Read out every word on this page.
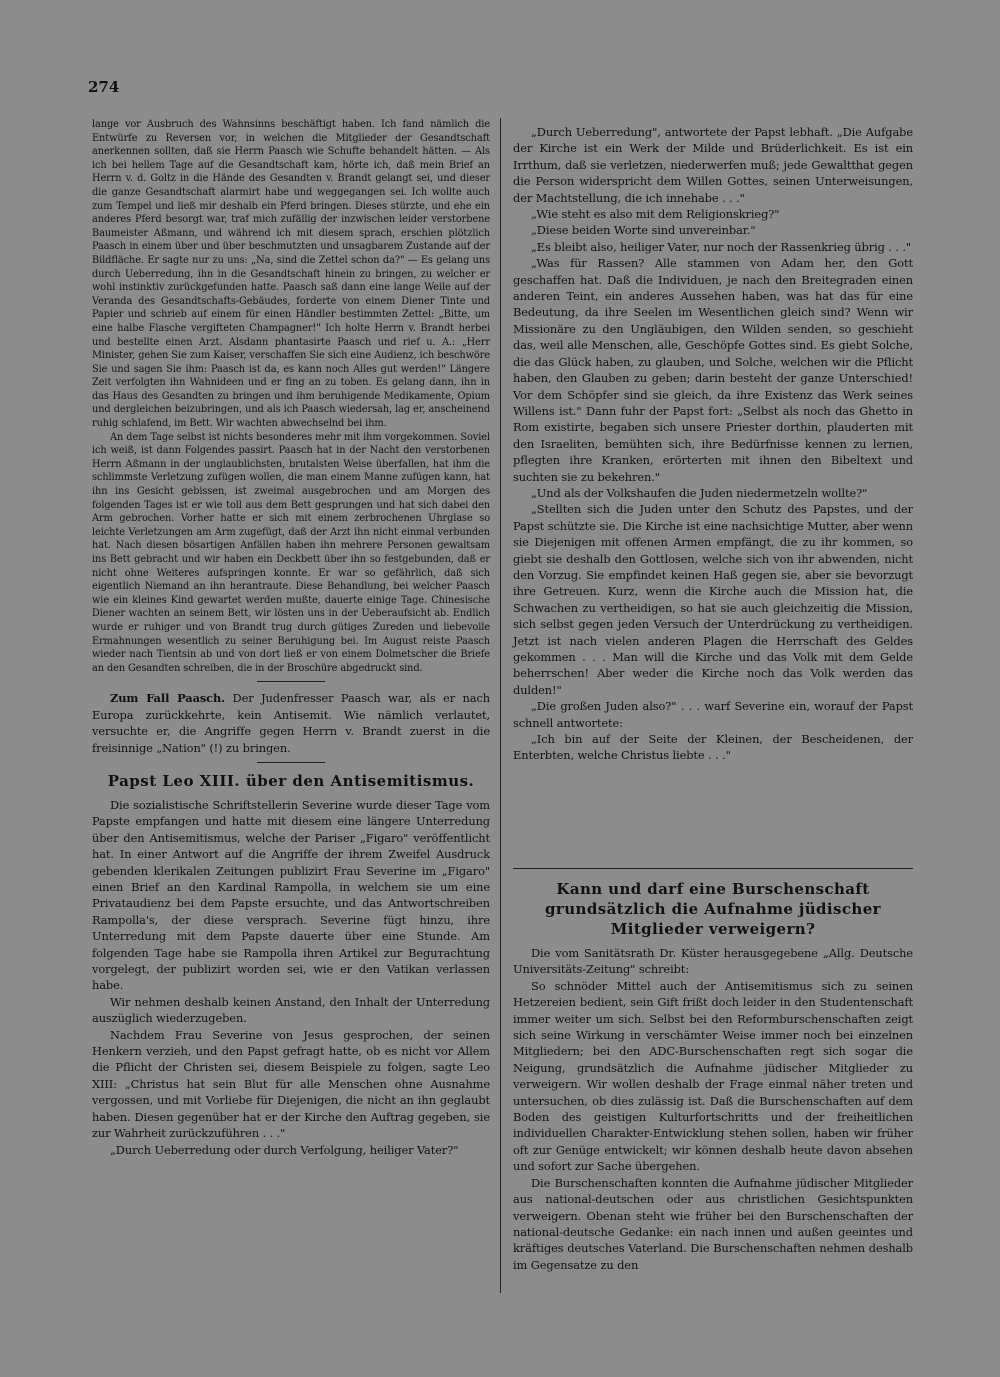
274

lange vor Ausbruch des Wahnsinns beschäftigt haben. Ich fand nämlich die Entwürfe zu Reversen vor, in welchen die Mitglieder der Gesandtschaft anerkennen sollten, daß sie Herrn Paasch wie Schufte behandelt hätten. — Als ich bei hellem Tage auf die Gesandtschaft kam, hörte ich, daß mein Brief an Herrn v. d. Goltz in die Hände des Gesandten v. Brandt gelangt sei, und dieser die ganze Gesandtschaft alarmirt habe und weggegangen sei. Ich wollte auch zum Tempel und ließ mir deshalb ein Pferd bringen. Dieses stürzte, und ehe ein anderes Pferd besorgt war, traf mich zufällig der inzwischen leider verstorbene Baumeister Aßmann, und während ich mit diesem sprach, erschien plötzlich Paasch in einem über und über beschmutzten und unsagbarem Zustande auf der Bildfläche. Er sagte nur zu uns: „Na, sind die Zettel schon da?" — Es gelang uns durch Ueberredung, ihn in die Gesandtschaft hinein zu bringen, zu welcher er wohl instinktiv zurückgefunden hatte. Paasch saß dann eine lange Weile auf der Veranda des Gesandtschafts-Gebäudes, forderte von einem Diener Tinte und Papier und schrieb auf einem für einen Händler bestimmten Zettel: „Bitte, um eine halbe Flasche vergifteten Champagner!" Ich holte Herrn v. Brandt herbei und bestellte einen Arzt. Alsdann phantasirte Paasch und rief u. A.: „Herr Minister, gehen Sie zum Kaiser, verschaffen Sie sich eine Audienz, ich beschwöre Sie und sagen Sie ihm: Paasch ist da, es kann noch Alles gut werden!" Längere Zeit verfolgten ihn Wahnideen und er fing an zu toben. Es gelang dann, ihn in das Haus des Gesandten zu bringen und ihm beruhigende Medikamente, Opium und dergleichen beizubringen, und als ich Paasch wiedersah, lag er, anscheinend ruhig schlafend, im Bett. Wir wachten abwechselnd bei ihm.

An dem Tage selbst ist nichts besonderes mehr mit ihm vorgekommen. Soviel ich weiß, ist dann Folgendes passirt. Paasch hat in der Nacht den verstorbenen Herrn Aßmann in der unglaublichsten, brutalsten Weise überfallen, hat ihm die schlimmste Verletzung zufügen wollen, die man einem Manne zufügen kann, hat ihn ins Gesicht gebissen, ist zweimal ausgebrochen und am Morgen des folgenden Tages ist er wie toll aus dem Bett gesprungen und hat sich dabei den Arm gebrochen. Vorher hatte er sich mit einem zerbrochenen Uhrglase so leichte Verletzungen am Arm zugefügt, daß der Arzt ihn nicht einmal verbunden hat. Nach diesen bösartigen Anfällen haben ihn mehrere Personen gewaltsam ins Bett gebracht und wir haben ein Deckbett über ihn so festgebunden, daß er nicht ohne Weiteres aufspringen konnte. Er war so gefährlich, daß sich eigentlich Niemand an ihn herantraute. Diese Behandlung, bei welcher Paasch wie ein kleines Kind gewartet werden mußte, dauerte einige Tage. Chinesische Diener wachten an seinem Bett, wir lösten uns in der Ueberaufsicht ab. Endlich wurde er ruhiger und von Brandt trug durch gütiges Zureden und liebevolle Ermahnungen wesentlich zu seiner Beruhigung bei. Im August reiste Paasch wieder nach Tientsin ab und von dort ließ er von einem Dolmetscher die Briefe an den Gesandten schreiben, die in der Broschüre abgedruckt sind.

Zum Fall Paasch. Der Judenfresser Paasch war, als er nach Europa zurückkehrte, kein Antisemit. Wie nämlich verlautet, versuchte er, die Angriffe gegen Herrn v. Brandt zuerst in die freisinnige „Nation" (!) zu bringen.

Papst Leo XIII. über den Antisemitismus.

Die sozialistische Schriftstellerin Severine wurde dieser Tage vom Papste empfangen und hatte mit diesem eine längere Unterredung über den Antisemitismus, welche der Pariser „Figaro" veröffentlicht hat. In einer Antwort auf die Angriffe der ihrem Zweifel Ausdruck gebenden klerikalen Zeitungen publizirt Frau Severine im „Figaro" einen Brief an den Kardinal Rampolla, in welchem sie um eine Privataudienz bei dem Papste ersuchte, und das Antwortschreiben Rampolla's, der diese versprach. Severine fügt hinzu, ihre Unterredung mit dem Papste dauerte über eine Stunde. Am folgenden Tage habe sie Rampolla ihren Artikel zur Beguтachtung vorgelegt, der publizirt worden sei, wie er den Vatikan verlassen habe.

Wir nehmen deshalb keinen Anstand, den Inhalt der Unterredung auszüglich wiederzugeben.

Nachdem Frau Severine von Jesus gesprochen, der seinen Henkern verzieh, und den Papst gefragt hatte, ob es nicht vor Allem die Pflicht der Christen sei, diesem Beispiele zu folgen, sagte Leo XIII: „Christus hat sein Blut für alle Menschen ohne Ausnahme vergossen, und mit Vorliebe für Diejenigen, die nicht an ihn geglaubt haben. Diesen gegenüber hat er der Kirche den Auftrag gegeben, sie zur Wahrheit zurückzuführen . . ."

„Durch Ueberredung oder durch Verfolgung, heiliger Vater?"

„Durch Ueberredung", antwortete der Papst lebhaft. „Die Aufgabe der Kirche ist ein Werk der Milde und Brüderlichkeit. Es ist ein Irrthum, daß sie verletzen, niederwerfen muß; jede Gewaltthat gegen die Person widerspricht dem Willen Gottes, seinen Unterweisungen, der Machtstellung, die ich innehabe . . ."

„Wie steht es also mit dem Religionskrieg?"

„Diese beiden Worte sind unvereinbar."

„Es bleibt also, heiliger Vater, nur noch der Rassenkrieg übrig . . ."

„Was für Rassen? Alle stammen von Adam her, den Gott geschaffen hat. Daß die Individuen, je nach den Breitegraden einen anderen Teint, ein anderes Aussehen haben, was hat das für eine Bedeutung, da ihre Seelen im Wesentlichen gleich sind? Wenn wir Missionäre zu den Ungläubigen, den Wilden senden, so geschieht das, weil alle Menschen, alle, Geschöpfe Gottes sind. Es giebt Solche, die das Glück haben, zu glauben, und Solche, welchen wir die Pflicht haben, den Glauben zu geben; darin besteht der ganze Unterschied! Vor dem Schöpfer sind sie gleich, da ihre Existenz das Werk seines Willens ist." Dann fuhr der Papst fort: „Selbst als noch das Ghetto in Rom existirte, begaben sich unsere Priester dorthin, plauderten mit den Israeliten, bemühten sich, ihre Bedürfnisse kennen zu lernen, pflegten ihre Kranken, erörterten mit ihnen den Bibeltext und suchten sie zu bekehren."

„Und als der Volkshaufen die Juden niedermetzeln wollte?"

„Stellten sich die Juden unter den Schutz des Papstes, und der Papst schützte sie. Die Kirche ist eine nachsichtige Mutter, aber wenn sie Diejenigen mit offenen Armen empfängt, die zu ihr kommen, so giebt sie deshalb den Gottlosen, welche sich von ihr abwenden, nicht den Vorzug. Sie empfindet keinen Haß gegen sie, aber sie bevorzugt ihre Getreuen. Kurz, wenn die Kirche auch die Mission hat, die Schwachen zu vertheidigen, so hat sie auch gleichzeitig die Mission, sich selbst gegen jeden Versuch der Unterdrückung zu vertheidigen. Jetzt ist nach vielen anderen Plagen die Herrschaft des Geldes gekommen . . . Man will die Kirche und das Volk mit dem Gelde beherrschen! Aber weder die Kirche noch das Volk werden das dulden!"

„Die großen Juden also?" . . . warf Severine ein, worauf der Papst schnell antwortete:

„Ich bin auf der Seite der Kleinen, der Bescheidenen, der Enterbten, welche Christus liebte . . ."

Kann und darf eine Burschenschaft grundsätzlich die Aufnahme jüdischer Mitglieder verweigern?

Die vom Sanitätsrath Dr. Küster herausgegebene „Allg. Deutsche Universitäts-Zeitung" schreibt:

So schnöder Mittel auch der Antisemitismus sich zu seinen Hetzereien bedient, sein Gift frißt doch leider in den Studentenschaft immer weiter um sich. Selbst bei den Reformburschenschaften zeigt sich seine Wirkung in verschämter Weise immer noch bei einzelnen Mitgliedern; bei den ADC-Burschenschaften regt sich sogar die Neigung, grundsätzlich die Aufnahme jüdischer Mitglieder zu verweigern. Wir wollen deshalb der Frage einmal näher treten und untersuchen, ob dies zulässig ist. Daß die Burschenschaften auf dem Boden des geistigen Kulturfortschritts und der freiheitlichen individuellen Charakter-Entwicklung stehen sollen, haben wir früher oft zur Genüge entwickelt; wir können deshalb heute davon absehen und sofort zur Sache übergehen.

Die Burschenschaften konnten die Aufnahme jüdischer Mitglieder aus national-deutschen oder aus christlichen Gesichtspunkten verweigern. Obenan steht wie früher bei den Burschenschaften der national-deutsche Gedanke: ein nach innen und außen geeintes und kräftiges deutsches Vaterland. Die Burschenschaften nehmen deshalb im Gegensatze zu den
